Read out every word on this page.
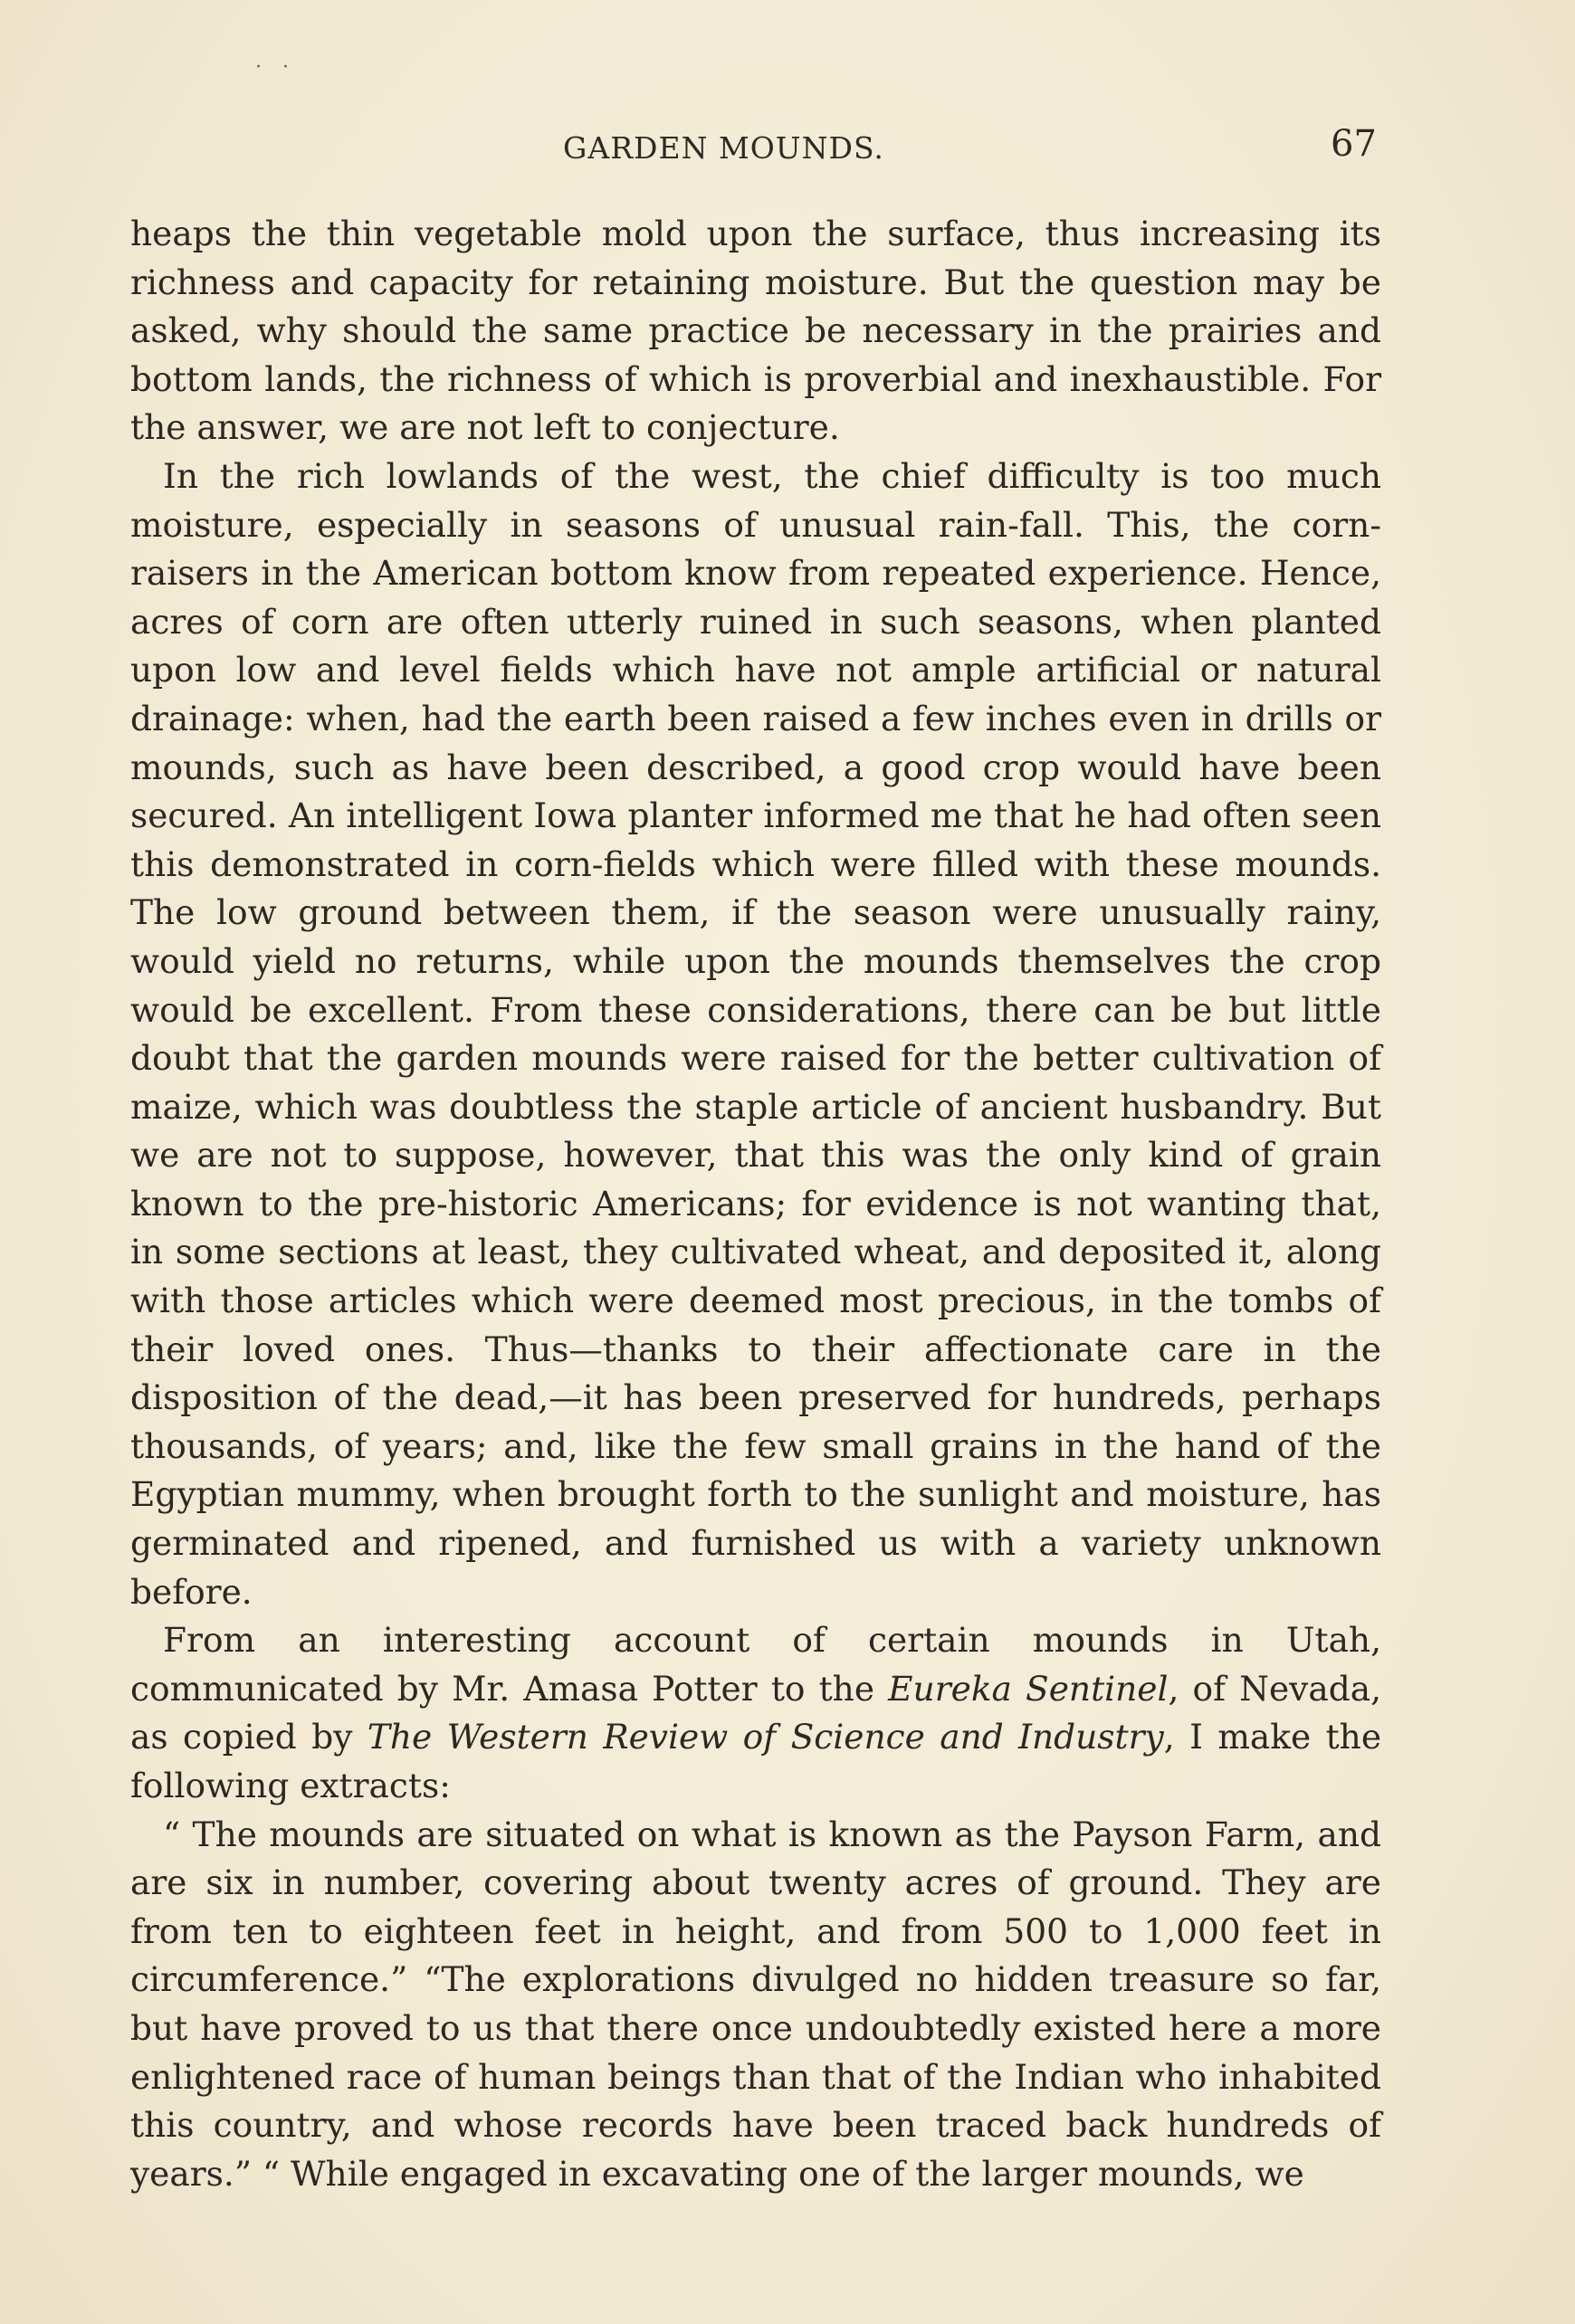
· ·
GARDEN MOUNDS.	67

heaps the thin vegetable mold upon the surface, thus increasing its richness and capacity for retaining moisture. But the question may be asked, why should the same practice be necessary in the prairies and bottom lands, the richness of which is proverbial and inexhaustible. For the answer, we are not left to conjecture.

In the rich lowlands of the west, the chief difficulty is too much moisture, especially in seasons of unusual rain-fall. This, the corn-raisers in the American bottom know from repeated experience. Hence, acres of corn are often utterly ruined in such seasons, when planted upon low and level fields which have not ample artificial or natural drainage: when, had the earth been raised a few inches even in drills or mounds, such as have been described, a good crop would have been secured. An intelligent Iowa planter informed me that he had often seen this demonstrated in corn-fields which were filled with these mounds. The low ground between them, if the season were unusually rainy, would yield no returns, while upon the mounds themselves the crop would be excellent. From these considerations, there can be but little doubt that the garden mounds were raised for the better cultivation of maize, which was doubtless the staple article of ancient husbandry. But we are not to suppose, however, that this was the only kind of grain known to the pre-historic Americans; for evidence is not wanting that, in some sections at least, they cultivated wheat, and deposited it, along with those articles which were deemed most precious, in the tombs of their loved ones. Thus—thanks to their affectionate care in the disposition of the dead,—it has been preserved for hundreds, perhaps thousands, of years; and, like the few small grains in the hand of the Egyptian mummy, when brought forth to the sunlight and moisture, has germinated and ripened, and furnished us with a variety unknown before.

From an interesting account of certain mounds in Utah, communicated by Mr. Amasa Potter to the Eureka Sentinel, of Nevada, as copied by The Western Review of Science and Industry, I make the following extracts:

“ The mounds are situated on what is known as the Payson Farm, and are six in number, covering about twenty acres of ground. They are from ten to eighteen feet in height, and from 500 to 1,000 feet in circumference.” “The explorations divulged no hidden treasure so far, but have proved to us that there once undoubtedly existed here a more enlightened race of human beings than that of the Indian who inhabited this country, and whose records have been traced back hundreds of years.” “ While engaged in excavating one of the larger mounds, we
